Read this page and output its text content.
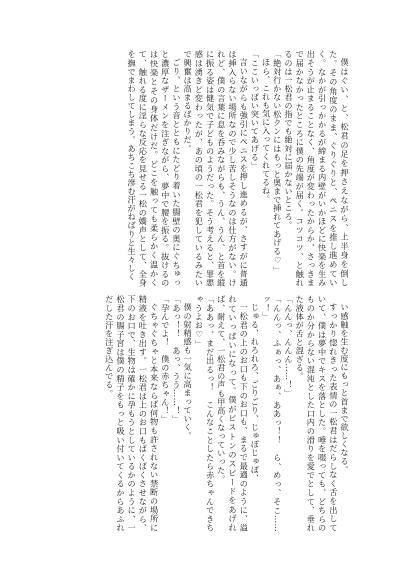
僕はぐい、と、松君の足を押さえながら、上半身を倒した。その角度のまま、ぐりぐりと、ペニスを推し進めていく。なかが引っかかるが締まる内壁がいかほどに快楽を生み出そうが止まることなく、角度が変わったからか、さっきまで届かなかったところに僕の先端が届く。コツコツ、と触れるのは一松君の指でも絶対に届かないところ。

「絶対行かない松クンにはもっと奥まで挿れてあげる♡」

ほら、これも気に入ってくれてるね。

「ここいっぱい突いてあげる」

言いながらも強引にペニスを押し進めるが、さすがに普通は挿入らない場所なので少し苦しそうなのは仕方がない。けれど、僕の言葉に息を呑みながらも、うん、うん、と首を縦に振る姿は健気で子どものようだった。そう考えると、罪悪感は湧きど変わったが、あの頃の一松君を犯しているみたいで興奮は高まるばかりだ。

ごり、という音とともにたどり着いた腸壁の奥にぐちゅっと濃厚なザーメンを注ぎながら、夢中で腰を振る。抜けるのは快楽とその身体だけだ。どこを触っても柔らかく温かくて、触れる度に淫らな反応を見せる一松の嬌声として、全身を撫でまわしてしまう。あちこち滲む汗がねばりと生々しく

い感触を生む度にもっと首まで欲しくなる。

すっかり惚れきった表情の一松君はだらしなく舌を出していて、僕は夢中でキスを落とした。唾を啜っても、どちらのものか分からない混沌とした口内の滑りを愛でとして、垂れた液体が舌と混ざる。

「んんっ、んんん……！」

「んんっ、ふぁっ、あぁ、ああっ！！　ら、めっ、そこ……ッ！」

じゅる、れろれろ、ごりごり、じゅぽじゅぽ、

一松君の上のお口も下のお口も、まるで最適のように、溢れていっぱいになって。僕がピストンのスピードをあげれば、耐えて、一松君の声も甲高くなっていった。

「ああっ、まだ出るっ！　こんなことしたら赤ちゃんできちゃうよお♡」

僕の射精感も一気に高まっていく。

「あっ！！　あっ、うう……！」

「孕んでよ！　僕の赤ちゃん！」

ぐちゃぐちゃと本来ならば何物も許されない禁断の場所に精液を吐き出す。一松君は上のお口もぱくぱくさせながら、下のお口で、生物は確かに孕もうとしているかのように、一松君の腸子宮は僕の精子をもっと吸い付いてくるからあふれだした汗を注ぎ込んでる。
